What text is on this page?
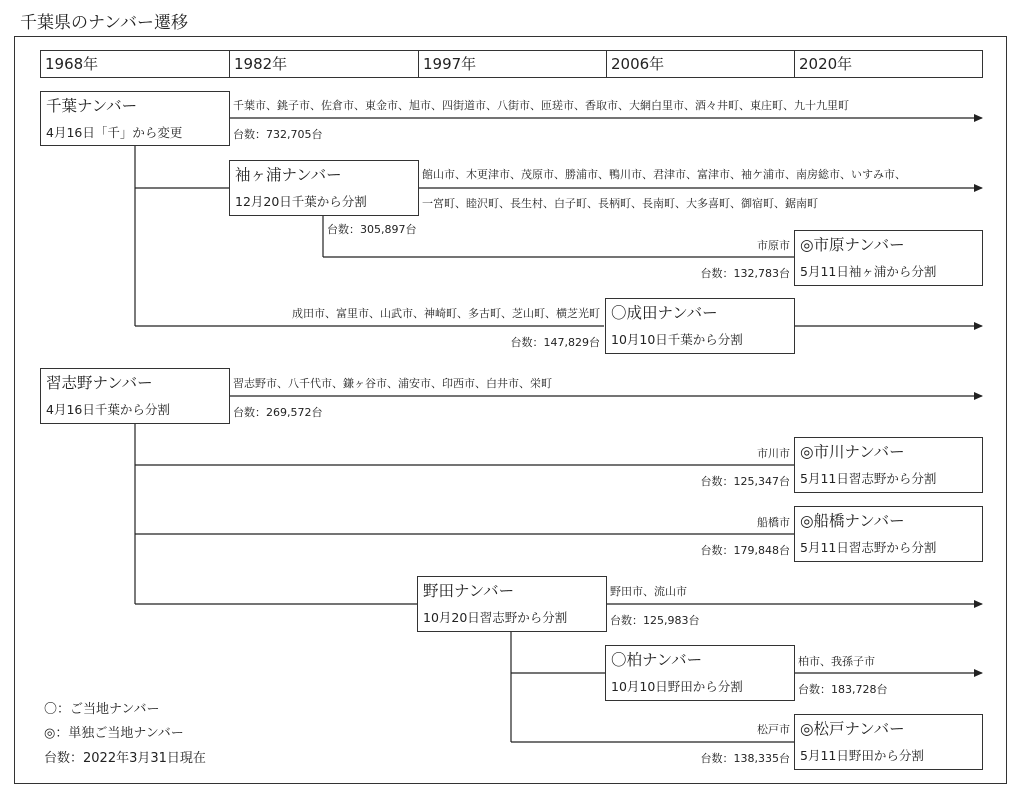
千葉県のナンバー遷移
1968年	1982年	1997年	2006年	2020年
千葉ナンバー
4月16日「千」から変更
千葉市、銚子市、佐倉市、東金市、旭市、四街道市、八街市、匝瑳市、香取市、大網白里市、酒々井町、東庄町、九十九里町
台数：732,705台
袖ヶ浦ナンバー
12月20日千葉から分割
館山市、木更津市、茂原市、勝浦市、鴨川市、君津市、富津市、袖ケ浦市、南房総市、いすみ市、
一宮町、睦沢町、長生村、白子町、長柄町、長南町、大多喜町、御宿町、鋸南町
台数：305,897台
市原市
台数：132,783台
◎市原ナンバー
5月11日袖ヶ浦から分割
成田市、富里市、山武市、神崎町、多古町、芝山町、横芝光町
台数：147,829台
〇成田ナンバー
10月10日千葉から分割
習志野ナンバー
4月16日千葉から分割
習志野市、八千代市、鎌ヶ谷市、浦安市、印西市、白井市、栄町
台数：269,572台
市川市
台数：125,347台
◎市川ナンバー
5月11日習志野から分割
船橋市
台数：179,848台
◎船橋ナンバー
5月11日習志野から分割
野田ナンバー
10月20日習志野から分割
野田市、流山市
台数：125,983台
〇柏ナンバー
10月10日野田から分割
柏市、我孫子市
台数：183,728台
松戸市
台数：138,335台
◎松戸ナンバー
5月11日野田から分割
〇：ご当地ナンバー
◎：単独ご当地ナンバー
台数：2022年3月31日現在
